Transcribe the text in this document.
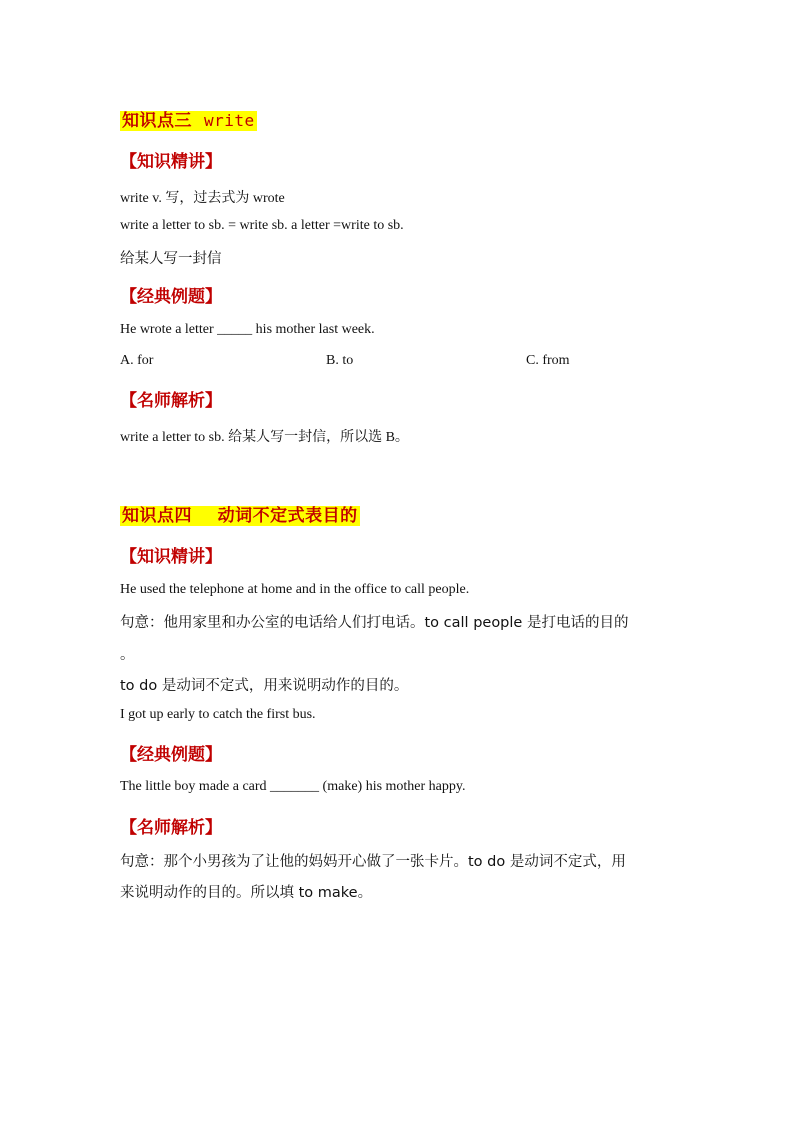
知识点三 write
【知识精讲】
write v. 写，过去式为 wrote
write a letter to sb. = write sb. a letter =write to sb.
给某人写一封信
【经典例题】
He wrote a letter _____ his mother last week.
A. for	B. to	C. from
【名师解析】
write a letter to sb. 给某人写一封信，所以选 B。
知识点四    动词不定式表目的
【知识精讲】
He used the telephone at home and in the office to call people.
句意：他用家里和办公室的电话给人们打电话。to call people 是打电话的目的
。
to do 是动词不定式，用来说明动作的目的。
I got up early to catch the first bus.
【经典例题】
The little boy made a card _______ (make) his mother happy.
【名师解析】
句意：那个小男孩为了让他的妈妈开心做了一张卡片。to do 是动词不定式，用
来说明动作的目的。所以填 to make。
